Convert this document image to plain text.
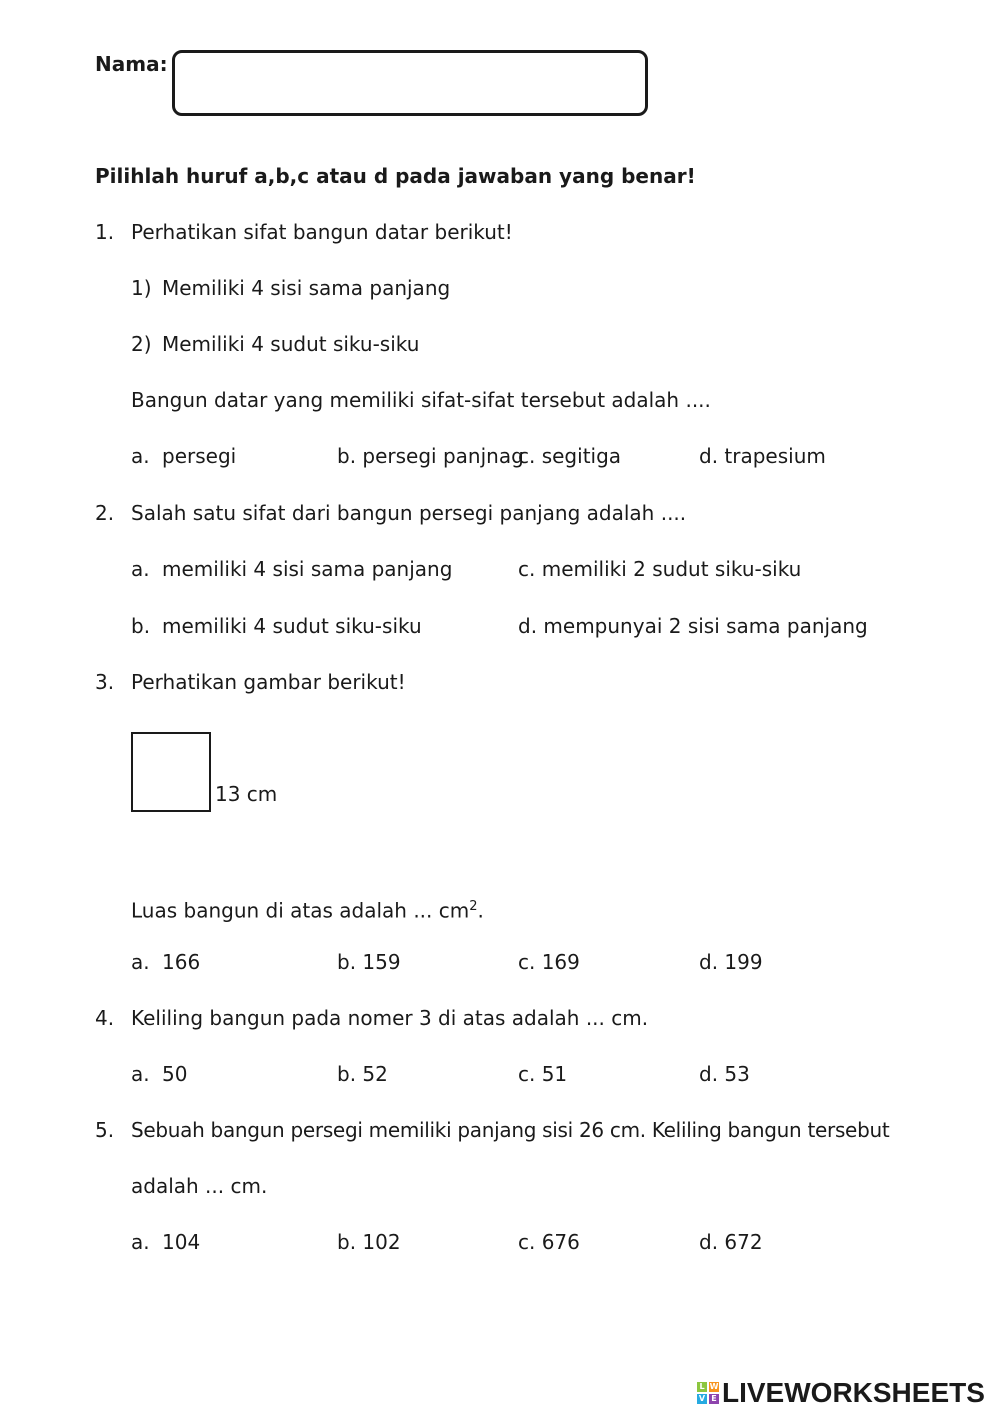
Nama:
Pilihlah huruf a,b,c atau d pada jawaban yang benar!
1. Perhatikan sifat bangun datar berikut!
1) Memiliki 4 sisi sama panjang
2) Memiliki 4 sudut siku-siku
Bangun datar yang memiliki sifat-sifat tersebut adalah ....
a. persegi	b. persegi panjnag
c. segitiga	d. trapesium
2. Salah satu sifat dari bangun persegi panjang adalah ....
a. memiliki 4 sisi sama panjang	c. memiliki 2 sudut siku-siku
b. memiliki 4 sudut siku-siku	d. mempunyai 2 sisi sama panjang
3. Perhatikan gambar berikut!
13 cm
Luas bangun di atas adalah ... $cm^2$.
a. 166	b. 159	c. 169	d. 199
4. Keliling bangun pada nomer 3 di atas adalah ... cm.
a. 50	b. 52	c. 51	d. 53
5. Sebuah bangun persegi memiliki panjang sisi 26 cm. Keliling bangun tersebut
adalah ... cm.
a. 104	b. 102	c. 676	d. 672
L W
V E LIVEWORKSHEETS
